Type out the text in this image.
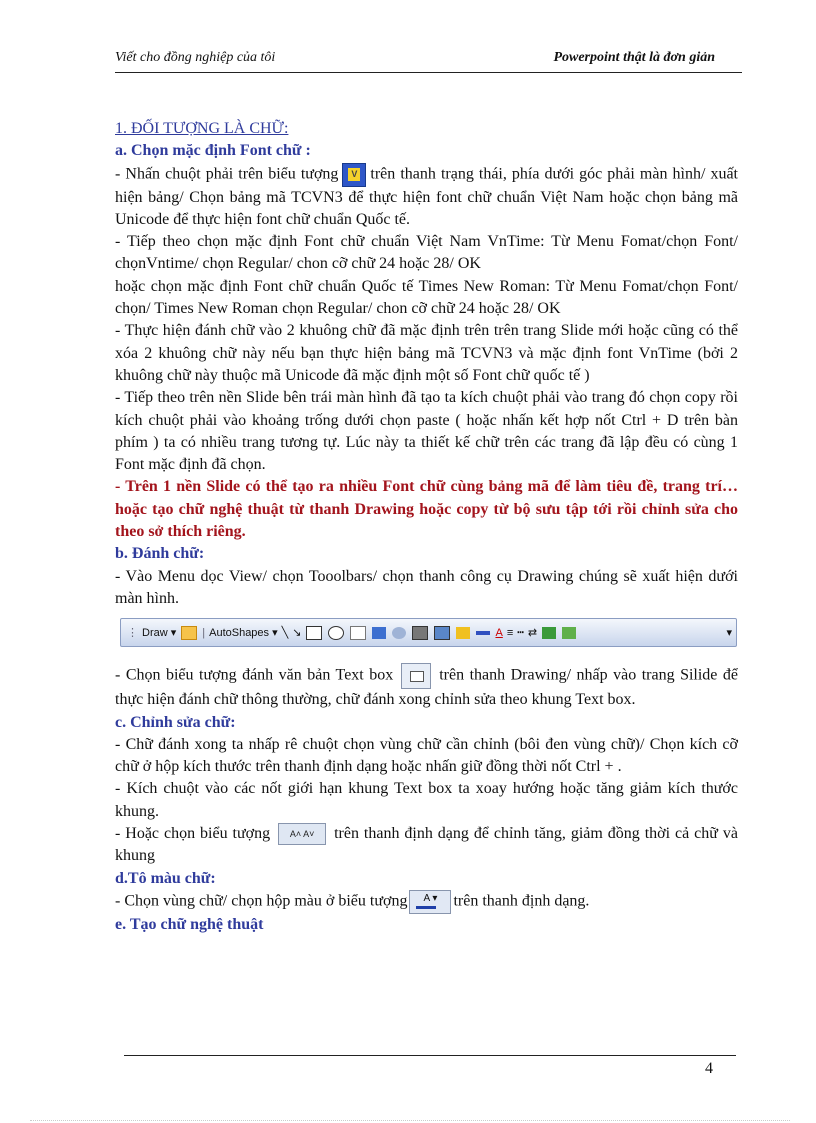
Viết cho đồng nghiệp của tôi	Powerpoint thật là đơn giản

1. ĐỐI TƯỢNG LÀ CHỮ:

a. Chọn mặc định Font chữ :

- Nhấn chuột phải trên biểu tượng	V trên thanh trạng thái, phía dưới góc phải màn hình/ xuất hiện bảng/ Chọn bảng mã TCVN3 để thực hiện font chữ chuẩn Việt Nam hoặc chọn bảng mã Unicode để thực hiện font chữ chuẩn Quốc tế.

- Tiếp theo chọn mặc định Font chữ chuẩn Việt Nam VnTime: Từ Menu Fomat/chọn Font/ chọnVntime/ chọn Regular/ chon cỡ chữ 24 hoặc 28/ OK

hoặc chọn mặc định Font chữ chuẩn Quốc tế Times New Roman: Từ Menu Fomat/chọn Font/ chọn/ Times New Roman chọn Regular/ chon cỡ chữ 24 hoặc 28/ OK

- Thực hiện đánh chữ vào 2 khuông chữ đã mặc định trên trên trang Slide mới hoặc cũng có thể xóa 2 khuông chữ này nếu bạn thực hiện bảng mã TCVN3 và mặc định font VnTime (bởi 2 khuông chữ này thuộc mã Unicode đã mặc định một số Font chữ quốc tế )

- Tiếp theo trên nền Slide bên trái màn hình đã tạo ta kích chuột phải vào trang đó chọn copy rồi kích chuột phải vào khoảng trống dưới chọn paste ( hoặc nhấn kết hợp nốt Ctrl + D trên bàn phím ) ta có nhiều trang tương tự. Lúc này ta thiết kế chữ trên các trang đã lập đều có cùng 1 Font mặc định đã chọn.

- Trên 1 nền Slide có thể tạo ra nhiều Font chữ cùng bảng mã để làm tiêu đề, trang trí…hoặc tạo chữ nghệ thuật từ thanh Drawing hoặc copy từ bộ sưu tập tới rồi chỉnh sửa cho theo sở thích riêng.

b. Đánh chữ:

- Vào Menu dọc View/ chọn Tooolbars/ chọn thanh công cụ Drawing chúng sẽ xuất hiện dưới màn hình.

⋮ Draw ▾ | AutoShapes ▾ ╲ ↘	A ≡ ┅ ⇄	▾

- Chọn biểu tượng đánh văn bản Text box	trên thanh Drawing/ nhấp vào trang Silide để thực hiện đánh chữ thông thường, chữ đánh xong chỉnh sửa theo khung Text box.

c. Chỉnh sửa chữ:

- Chữ đánh xong ta nhấp rê chuột chọn vùng chữ cần chỉnh (bôi đen vùng chữ)/ Chọn kích cỡ chữ ở hộp kích thước trên thanh định dạng hoặc nhấn giữ đồng thời nốt Ctrl + .

- Kích chuột vào các nốt giới hạn khung Text box ta xoay hướng hoặc tăng giảm kích thước khung.

- Hoặc chọn biểu tượng A˄ A˅ trên thanh định dạng để chỉnh tăng, giảm đồng thời cả chữ và khung

d.Tô màu chữ:

- Chọn vùng chữ/ chọn hộp màu ở biểu tượng A ▾ trên thanh định dạng.

e. Tạo chữ nghệ thuật

4
